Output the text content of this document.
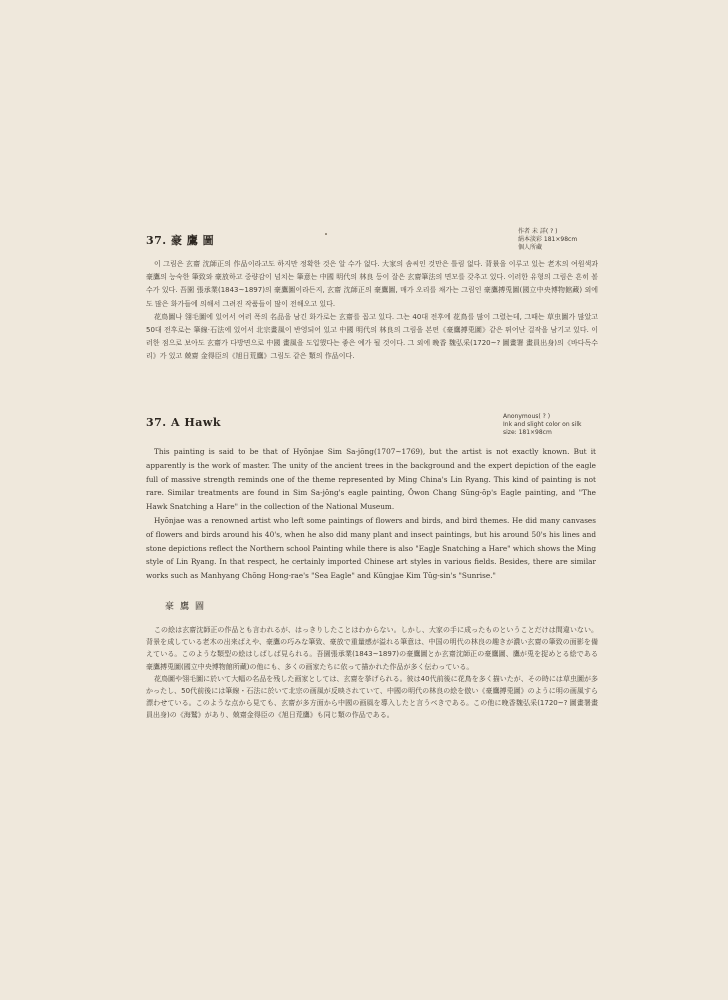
37. 豪 鷹 圖
作者 未 詳( ? )
絹本淡彩 181×98cm
個人所藏

이 그림은 玄齋 沈師正의 作品이라고도 하지만 정확한 것은 알 수가 없다. 大家의 솜씨인 것만은 틀림 없다. 背景을 이루고 있는 老木의 여원색과 豪鷹의 능숙한 筆致와 豪放하고 중량감이 넘치는 筆意는 中國 明代의 林良 등이 잘은 玄齋筆法의 면모를 갖추고 있다. 이러한 유형의 그림은 흔히 볼 수가 있다. 吾園 張承業(1843~1897)의 豪鷹圖이라든지, 玄齋 沈師正의 豪鷹圖, 매가 오리를 채가는 그림인 豪鷹搏兎圖(國立中央博物館藏) 외에도 많은 화가들에 의해서 그려진 작품들이 많이 전해오고 있다.

花鳥圖나 翎毛圖에 있어서 여러 폭의 名品을 남긴 화가로는 玄齋를 꼽고 있다. 그는 40대 전후에 花鳥를 많이 그렸는데, 그때는 草虫圖가 많았고 50대 전후로는 筆線·石法에 있어서 北宗畫風이 반영되어 있고 中國 明代의 林良의 그림을 본떤《豪鷹搏兎圖》같은 뛰어난 걸작을 남기고 있다. 이러한 점으로 보아도 玄齋가 다방면으로 中國 畫風을 도입했다는 좋은 예가 될 것이다. 그 외에 晚香 魏弘采(1720~? 圖畫署 畫員出身)의《바다독수리》가 있고 兢齋 金得臣의《旭日荒鷹》그림도 같은 類의 作品이다.

37. A Hawk	Anonymous( ? )
Ink and slight color on silk
size: 181×98cm

This painting is said to be that of Hyŏnjae Sim Sa-jŏng(1707~1769), but the artist is not exactly known. But it apparently is the work of master. The unity of the ancient trees in the background and the expert depiction of the eagle full of massive strength reminds one of the theme represented by Ming China's Lin Ryang. This kind of painting is not rare. Similar treatments are found in Sim Sa-jŏng's eagle painting, Ŏwon Chang Sŭng-ŏp's Eagle painting, and "The Hawk Snatching a Hare" in the collection of the National Museum.

Hyŏnjae was a renowned artist who left some paintings of flowers and birds, and bird themes. He did many canvases of flowers and birds around his 40's, when he also did many plant and insect paintings, but his around 50's his lines and stone depictions reflect the Northern school Painting while there is also "Eagle Snatching a Hare" which shows the Ming style of Lin Ryang. In that respect, he certainly imported Chinese art styles in various fields. Besides, there are similar works such as Manhyang Chŏng Hong-rae's "Sea Eagle" and Kŭngjae Kim Tŭg-sin's "Sunrise."

豪鷹圖

この絵は玄齋沈師正の作品とも言われるが、はっきりしたことはわからない。しかし、大家の手に成ったものということだけは間違いない。背景を成している老木の出来ばえや、豪鷹の巧みな筆致、豪放で重量感が溢れる筆意は、中国の明代の林良の趣きが濃い玄齋の筆致の面影を備えている。このような類型の絵はしばしば見られる。吾園張承業(1843~1897)の豪鷹圖とか玄齋沈師正の豪鷹圖、鷹が兎を捉めとる絵である豪鷹搏兎圖(國立中央博物館所藏)の他にも、多くの画家たちに依って描かれた作品が多く伝わっている。

花鳥圖や翎毛圖に於いて大幅の名品を残した画家としては、玄齋を挙げられる。彼は40代前後に花鳥を多く描いたが、その時には草虫圖が多かったし、50代前後には筆線・石法に於いて北宗の画風が反映されていて、中國の明代の林良の絵を倣い《豪鷹搏兎圖》のように明の画風すら漂わせている。このような点から見ても、玄齋が多方面から中國の画風を導入したと言うべきである。この他に晚香魏弘采(1720~? 圖畫署畫員出身)の《海鷲》があり、兢齋金得臣の《旭日荒鷹》も同じ類の作品である。
